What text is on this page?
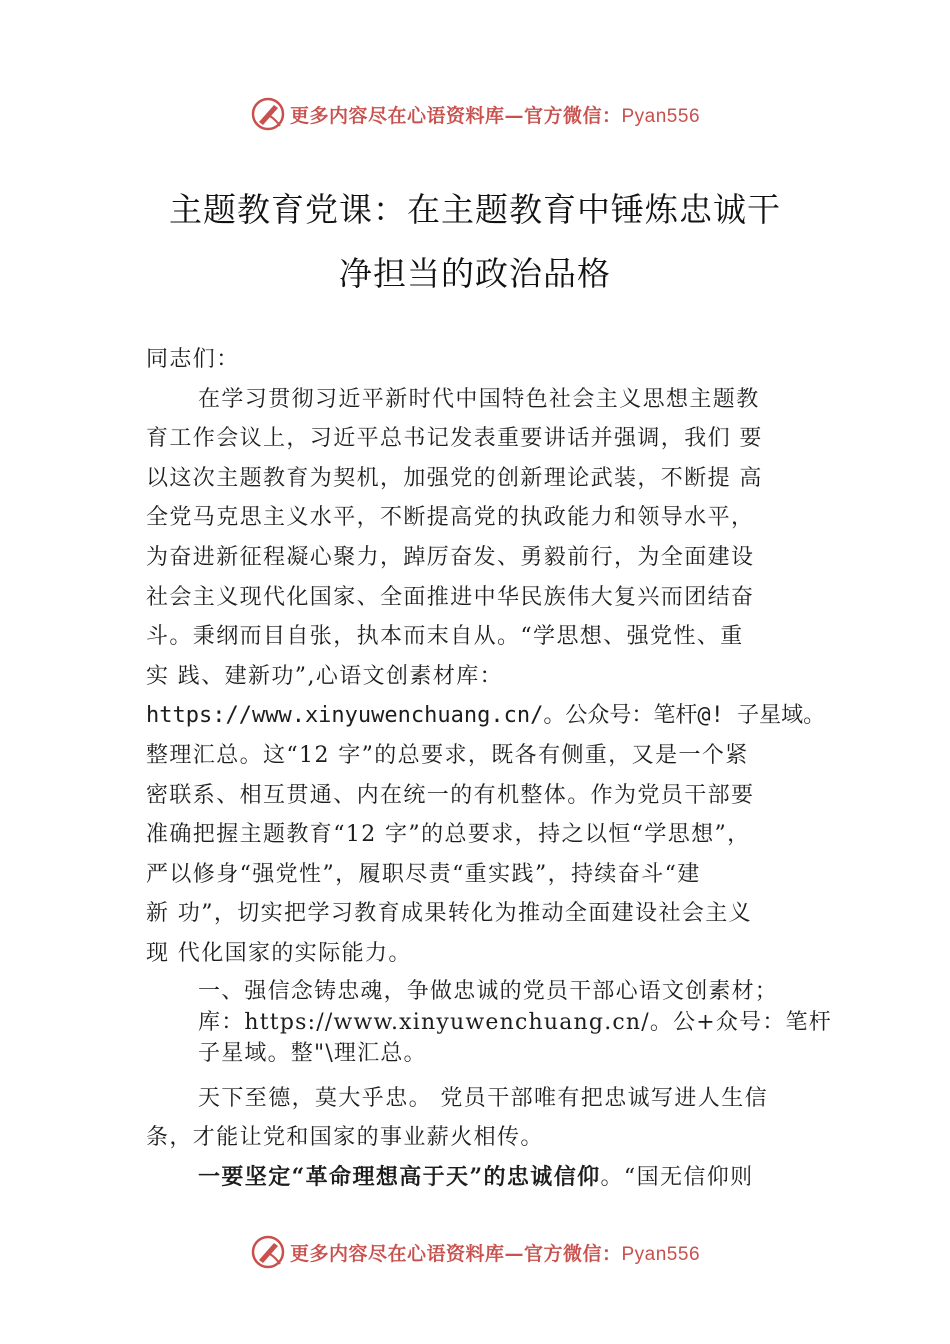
更多内容尽在心语资料库—官方微信：Pyan556
主题教育党课：在主题教育中锤炼忠诚干
净担当的政治品格
同志们：
在学习贯彻习近平新时代中国特色社会主义思想主题教
育工作会议上，习近平总书记发表重要讲话并强调，我们 要
以这次主题教育为契机，加强党的创新理论武装，不断提 高
全党马克思主义水平，不断提高党的执政能力和领导水平，
为奋进新征程凝心聚力，踔厉奋发、勇毅前行，为全面建设
社会主义现代化国家、全面推进中华民族伟大复兴而团结奋
斗。秉纲而目自张，执本而末自从。“学思想、强党性、重
实 践、建新功”,心语文创素材库：
https://www.xinyuwenchuang.cn/。公众号：笔杆@! 子星域。
整理汇总。这“12 字”的总要求，既各有侧重，又是一个紧
密联系、相互贯通、内在统一的有机整体。作为党员干部要
准确把握主题教育“12 字”的总要求，持之以恒“学思想”，
严以修身“强党性”，履职尽责“重实践”，持续奋斗“建
新 功”，切实把学习教育成果转化为推动全面建设社会主义
现 代化国家的实际能力。
一、强信念铸忠魂，争做忠诚的党员干部心语文创素材；
库：https://www.xinyuwenchuang.cn/。公+众号：笔杆
子星域。整"\理汇总。
天下至德，莫大乎忠。 党员干部唯有把忠诚写进人生信
条，才能让党和国家的事业薪火相传。
一要坚定“革命理想高于天”的忠诚信仰。“国无信仰则
更多内容尽在心语资料库—官方微信：Pyan556
